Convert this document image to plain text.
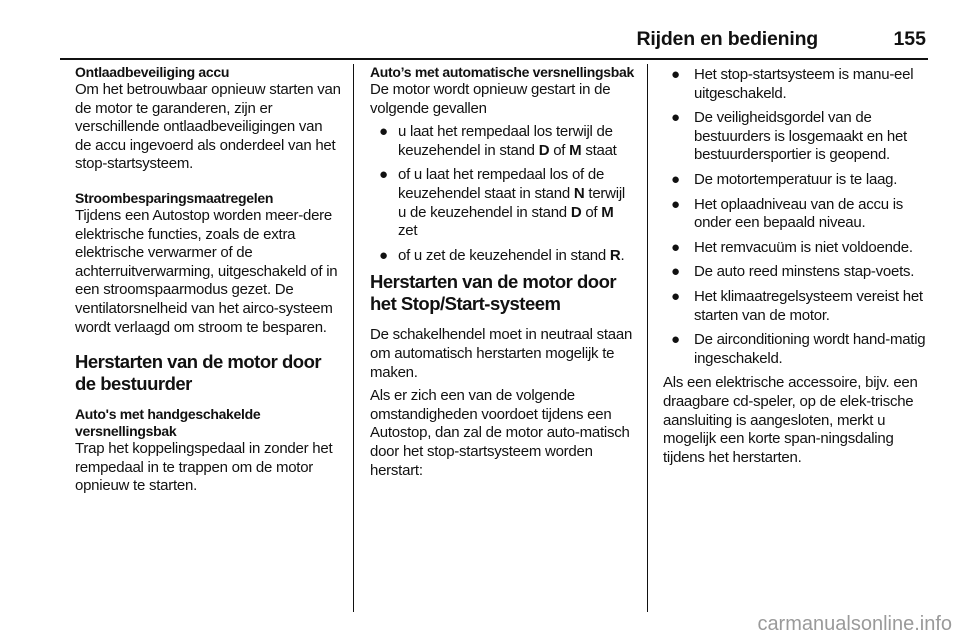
Rijden en bediening	155
Ontlaadbeveiliging accu

Om het betrouwbaar opnieuw starten van de motor te garanderen, zijn er verschillende ontlaadbeveiligingen van de accu ingevoerd als onderdeel van het stop-startsysteem.

Stroombesparingsmaatregelen

Tijdens een Autostop worden meer-dere elektrische functies, zoals de extra elektrische verwarmer of de achterruitverwarming, uitgeschakeld of in een stroomspaarmodus gezet. De ventilatorsnelheid van het airco-systeem wordt verlaagd om stroom te besparen.

Herstarten van de motor door de bestuurder
Auto's met handgeschakelde versnellingsbak

Trap het koppelingspedaal in zonder het rempedaal in te trappen om de motor opnieuw te starten.

Auto’s met automatische versnellingsbak

De motor wordt opnieuw gestart in de volgende gevallen

● u laat het rempedaal los terwijl de keuzehendel in stand D of M staat
● of u laat het rempedaal los of de keuzehendel staat in stand N terwijl u de keuzehendel in stand D of M zet
● of u zet de keuzehendel in stand R.
Herstarten van de motor door het Stop/Start-systeem

De schakelhendel moet in neutraal staan om automatisch herstarten mogelijk te maken.

Als er zich een van de volgende omstandigheden voordoet tijdens een Autostop, dan zal de motor auto-matisch door het stop-startsysteem worden herstart:

● Het stop-startsysteem is manu-eel uitgeschakeld.
● De veiligheidsgordel van de bestuurders is losgemaakt en het bestuurdersportier is geopend.
● De motortemperatuur is te laag.
● Het oplaadniveau van de accu is onder een bepaald niveau.
● Het remvacuüm is niet voldoende.
● De auto reed minstens stap-voets.
● Het klimaatregelsysteem vereist het starten van de motor.
● De airconditioning wordt hand-matig ingeschakeld.

Als een elektrische accessoire, bijv. een draagbare cd-speler, op de elek-trische aansluiting is aangesloten, merkt u mogelijk een korte span-ningsdaling tijdens het herstarten.

carmanualsonline.info
